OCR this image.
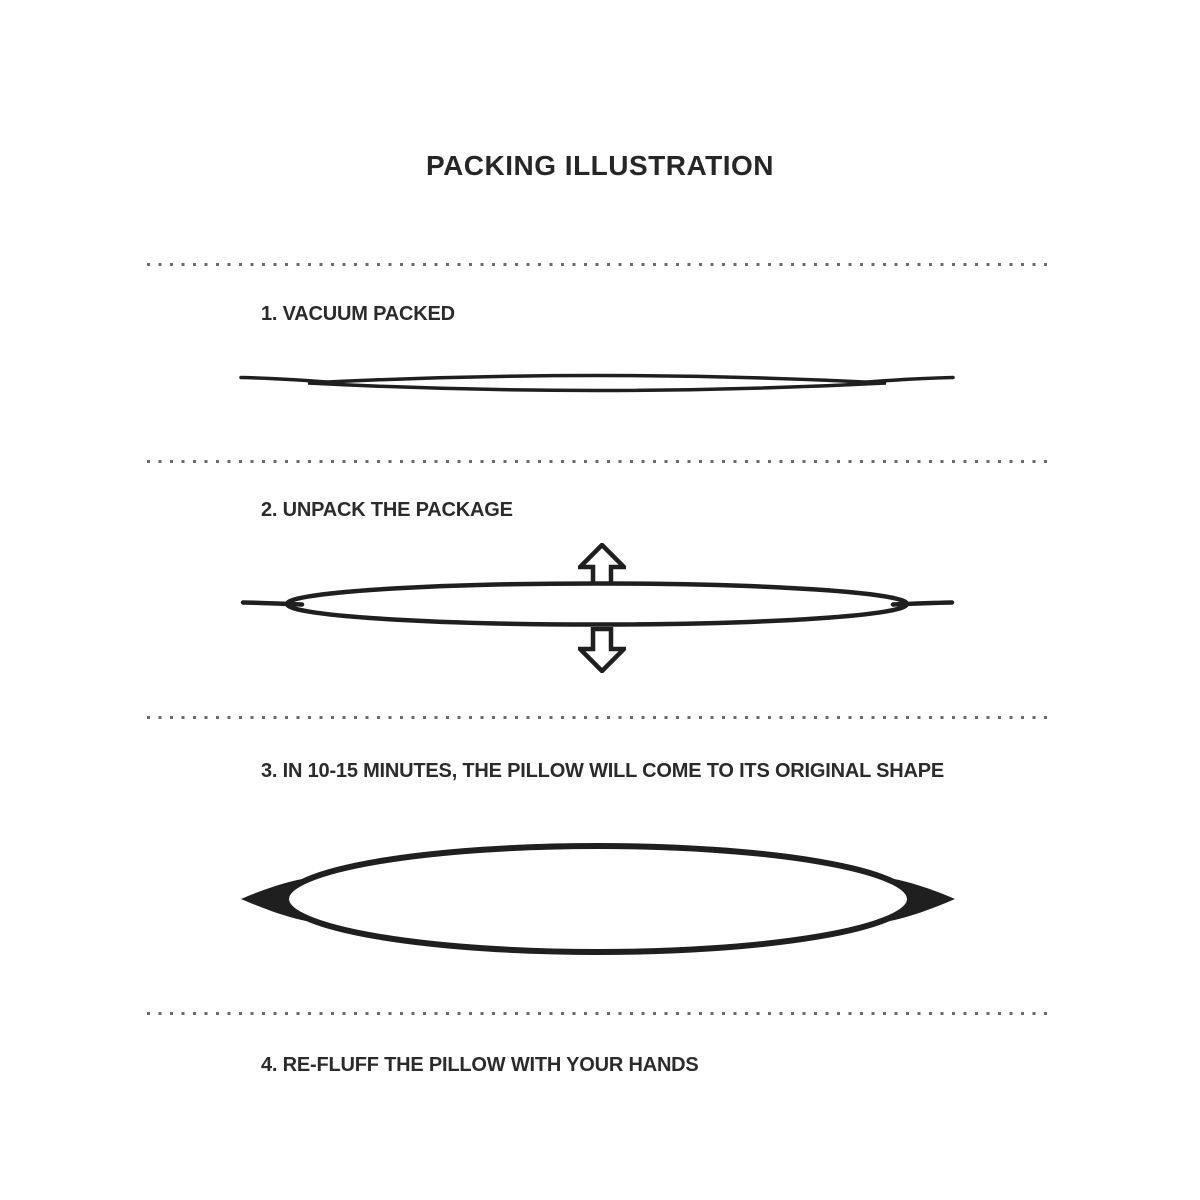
PACKING ILLUSTRATION
1. VACUUM PACKED
2. UNPACK THE PACKAGE
3. IN 10-15 MINUTES, THE PILLOW WILL COME TO ITS ORIGINAL SHAPE
4. RE-FLUFF THE PILLOW WITH YOUR HANDS
